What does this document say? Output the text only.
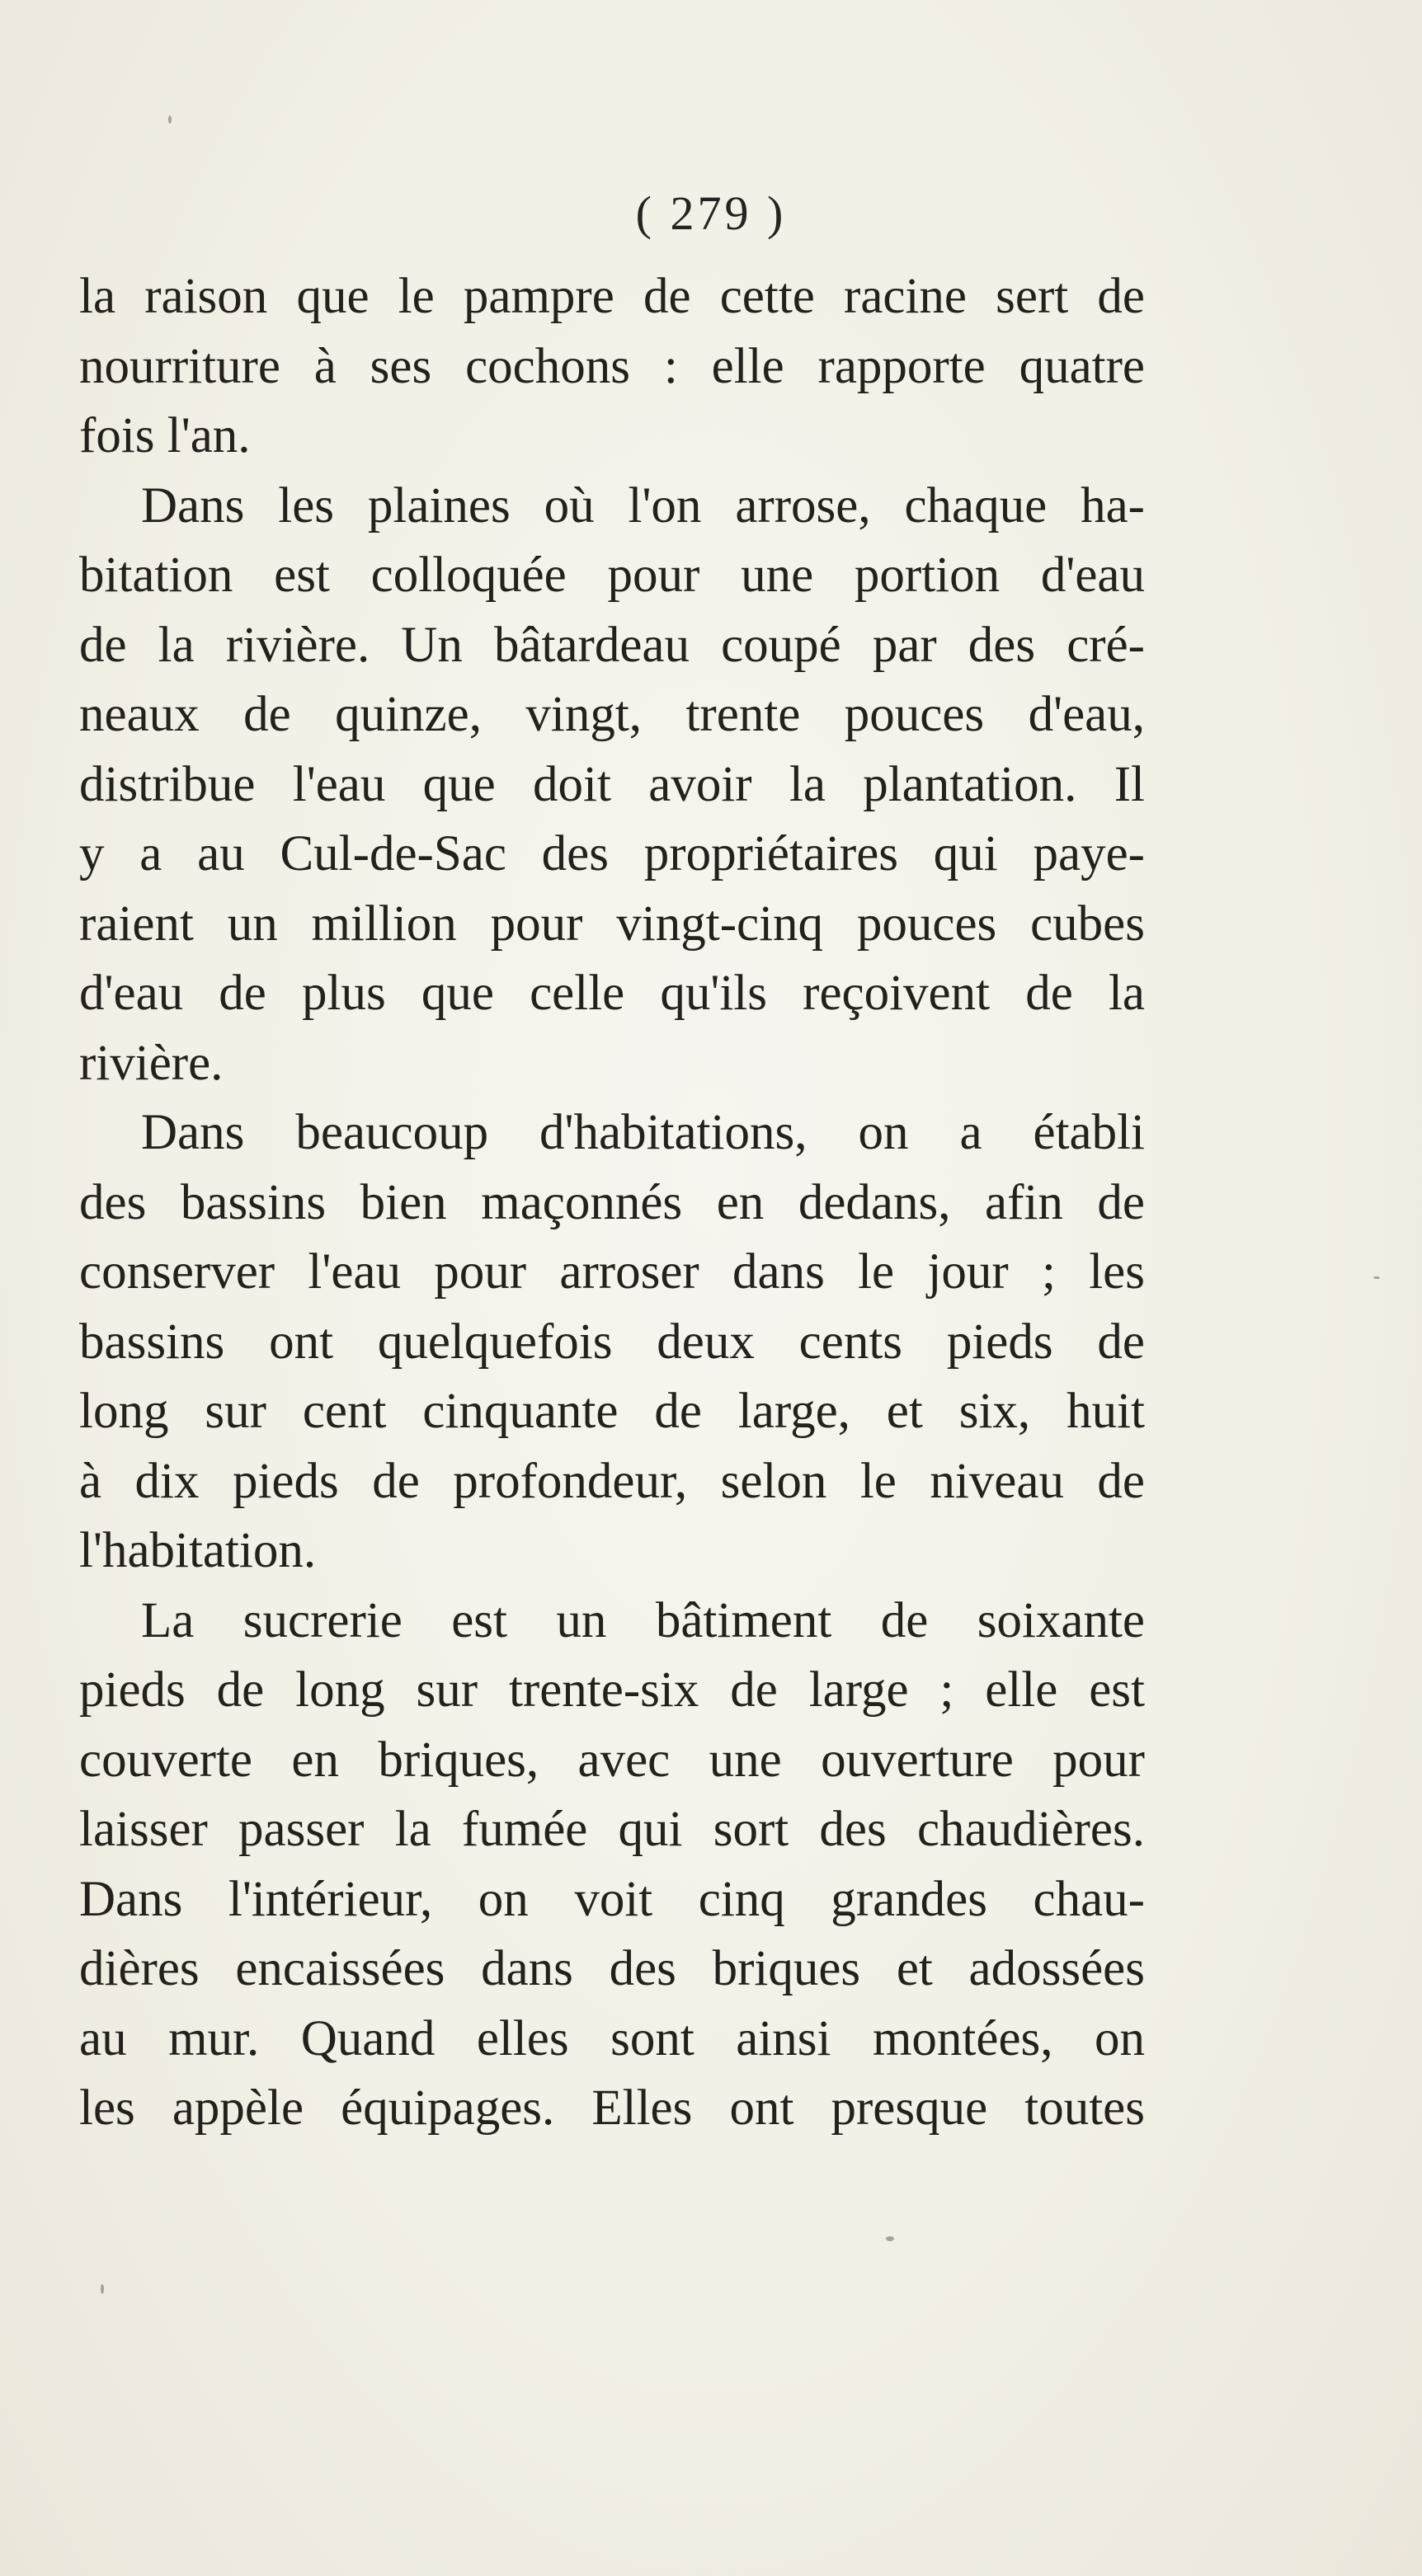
( 279 )
la raison que le pampre de cette racine sert de
nourriture à ses cochons : elle rapporte quatre
fois l'an.
Dans les plaines où l'on arrose, chaque ha-
bitation est colloquée pour une portion d'eau
de la rivière. Un bâtardeau coupé par des cré-
neaux de quinze, vingt, trente pouces d'eau,
distribue l'eau que doit avoir la plantation. Il
y a au Cul-de-Sac des propriétaires qui paye-
raient un million pour vingt-cinq pouces cubes
d'eau de plus que celle qu'ils reçoivent de la
rivière.
Dans beaucoup d'habitations, on a établi
des bassins bien maçonnés en dedans, afin de
conserver l'eau pour arroser dans le jour ; les
bassins ont quelquefois deux cents pieds de
long sur cent cinquante de large, et six, huit
à dix pieds de profondeur, selon le niveau de
l'habitation.
La sucrerie est un bâtiment de soixante
pieds de long sur trente-six de large ; elle est
couverte en briques, avec une ouverture pour
laisser passer la fumée qui sort des chaudières.
Dans l'intérieur, on voit cinq grandes chau-
dières encaissées dans des briques et adossées
au mur. Quand elles sont ainsi montées, on
les appèle équipages. Elles ont presque toutes
